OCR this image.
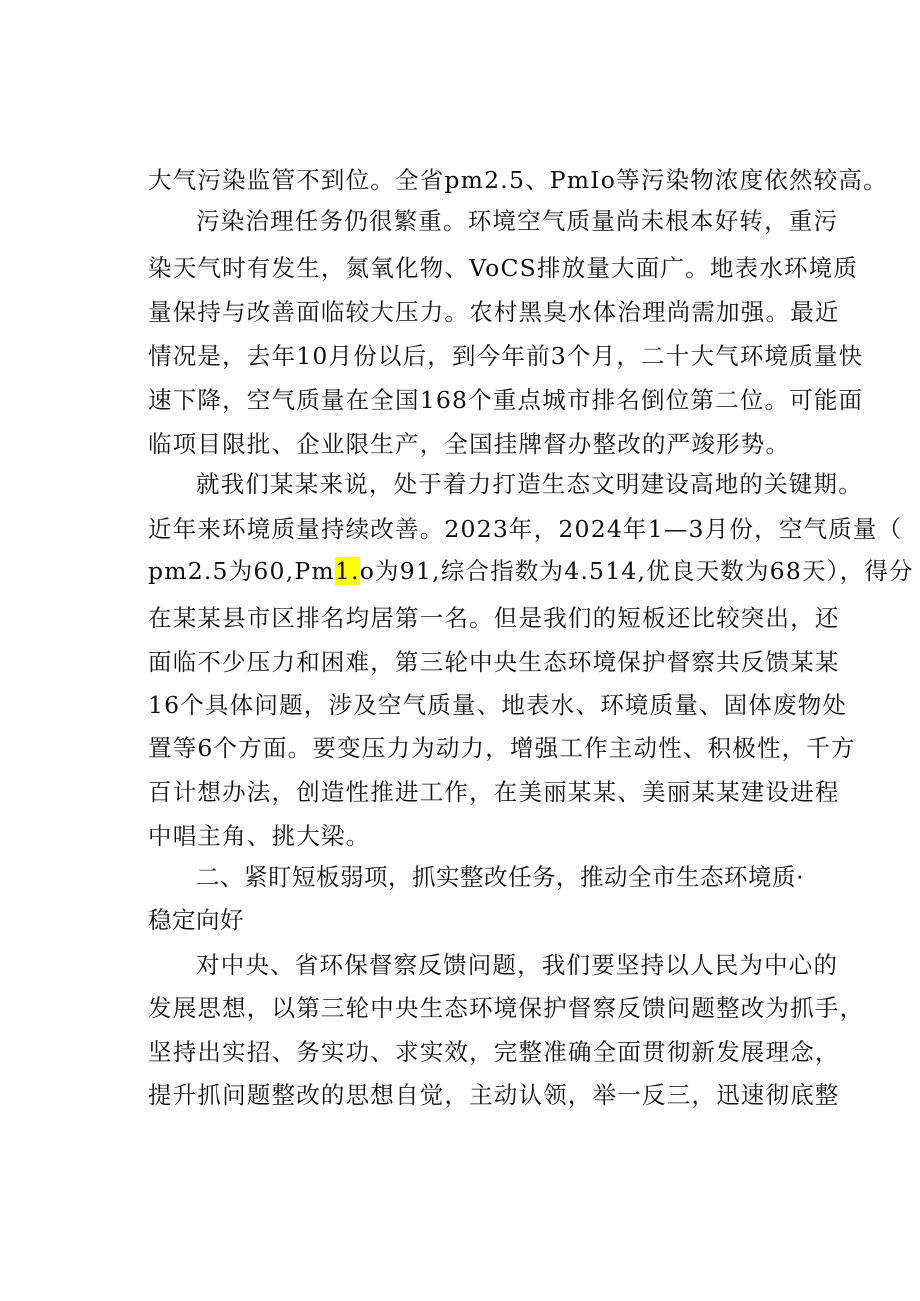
大气污染监管不到位。全省pm2.5、PmIo等污染物浓度依然较高。
污染治理任务仍很繁重。环境空气质量尚未根本好转，重污
染天气时有发生，氮氧化物、VoCS排放量大面广。地表水环境质
量保持与改善面临较大压力。农村黑臭水体治理尚需加强。最近
情况是，去年10月份以后，到今年前3个月，二十大气环境质量快
速下降，空气质量在全国168个重点城市排名倒位第二位。可能面
临项目限批、企业限生产，全国挂牌督办整改的严竣形势。
就我们某某来说，处于着力打造生态文明建设高地的关键期。
近年来环境质量持续改善。2023年，2024年1—3月份，空气质量（
pm2.5为60,Pm1.o为91,综合指数为4.514,优良天数为68天），得分
在某某县市区排名均居第一名。但是我们的短板还比较突出，还
面临不少压力和困难，第三轮中央生态环境保护督察共反馈某某
16个具体问题，涉及空气质量、地表水、环境质量、固体废物处
置等6个方面。要变压力为动力，增强工作主动性、积极性，千方
百计想办法，创造性推进工作，在美丽某某、美丽某某建设进程
中唱主角、挑大梁。
二、紧盯短板弱项，抓实整改任务，推动全市生态环境质·
稳定向好
对中央、省环保督察反馈问题，我们要坚持以人民为中心的
发展思想，以第三轮中央生态环境保护督察反馈问题整改为抓手，
坚持出实招、务实功、求实效，完整准确全面贯彻新发展理念，
提升抓问题整改的思想自觉，主动认领，举一反三，迅速彻底整
